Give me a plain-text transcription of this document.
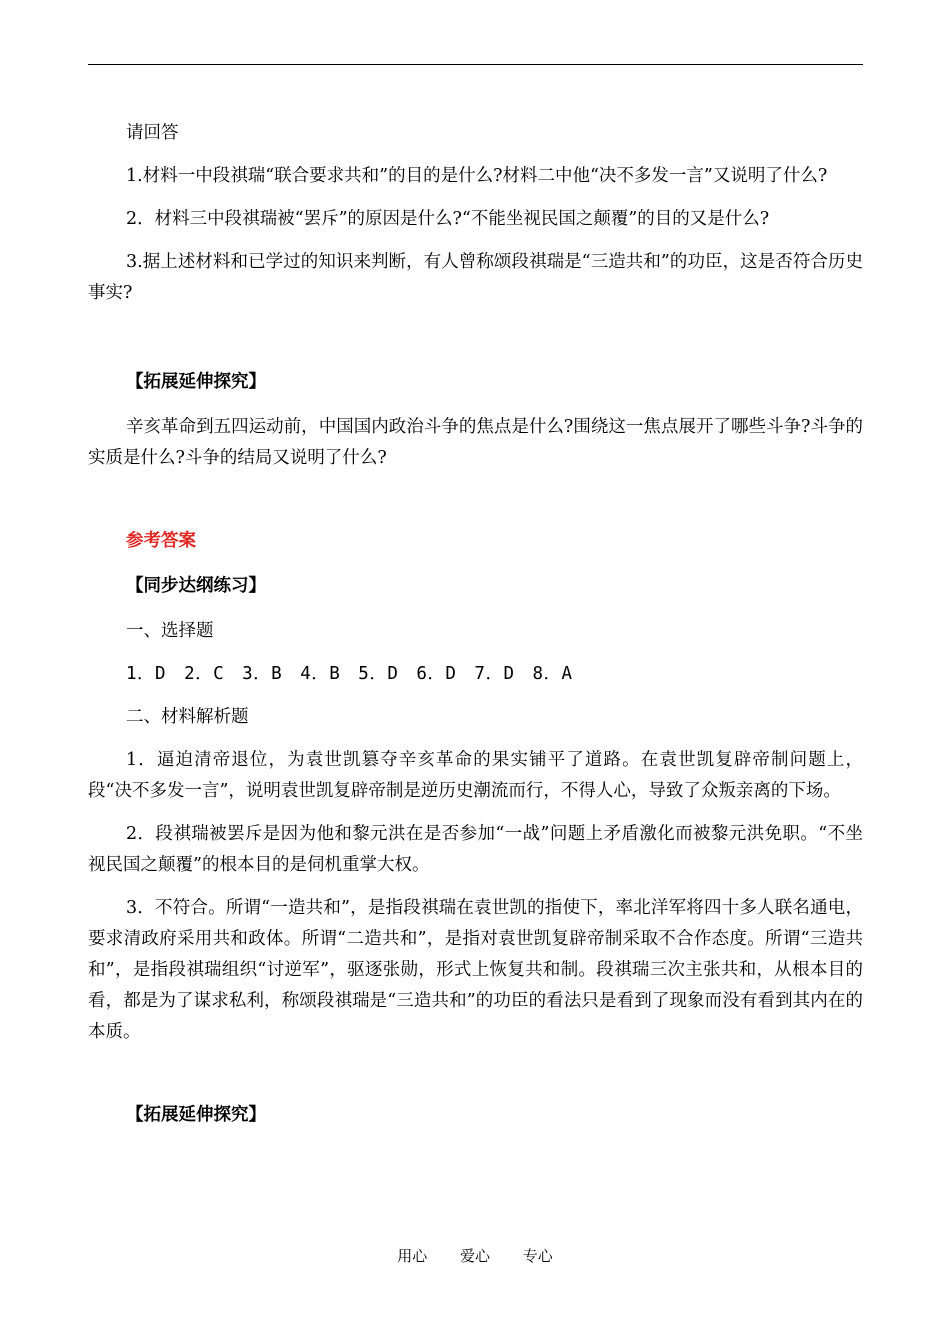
请回答

1.材料一中段祺瑞“联合要求共和”的目的是什么?材料二中他“决不多发一言”又说明了什么?

2．材料三中段祺瑞被“罢斥”的原因是什么?“不能坐视民国之颠覆”的目的又是什么?

3.据上述材料和已学过的知识来判断，有人曾称颂段祺瑞是“三造共和”的功臣，这是否符合历史事实?

【拓展延伸探究】

辛亥革命到五四运动前，中国国内政治斗争的焦点是什么?围绕这一焦点展开了哪些斗争?斗争的实质是什么?斗争的结局又说明了什么?

参考答案

【同步达纲练习】

一、选择题

1．D　2．C　3．B　4．B　5．D　6．D　7．D　8．A

二、材料解析题

1．逼迫清帝退位，为袁世凯篡夺辛亥革命的果实铺平了道路。在袁世凯复辟帝制问题上，段“决不多发一言”，说明袁世凯复辟帝制是逆历史潮流而行，不得人心，导致了众叛亲离的下场。

2．段祺瑞被罢斥是因为他和黎元洪在是否参加“一战”问题上矛盾激化而被黎元洪免职。“不坐视民国之颠覆”的根本目的是伺机重掌大权。

3．不符合。所谓“一造共和”，是指段祺瑞在袁世凯的指使下，率北洋军将四十多人联名通电，要求清政府采用共和政体。所谓“二造共和”，是指对袁世凯复辟帝制采取不合作态度。所谓“三造共和”，是指段祺瑞组织“讨逆军”，驱逐张勋，形式上恢复共和制。段祺瑞三次主张共和，从根本目的看，都是为了谋求私利，称颂段祺瑞是“三造共和”的功臣的看法只是看到了现象而没有看到其内在的本质。

【拓展延伸探究】

用心 爱心 专心
